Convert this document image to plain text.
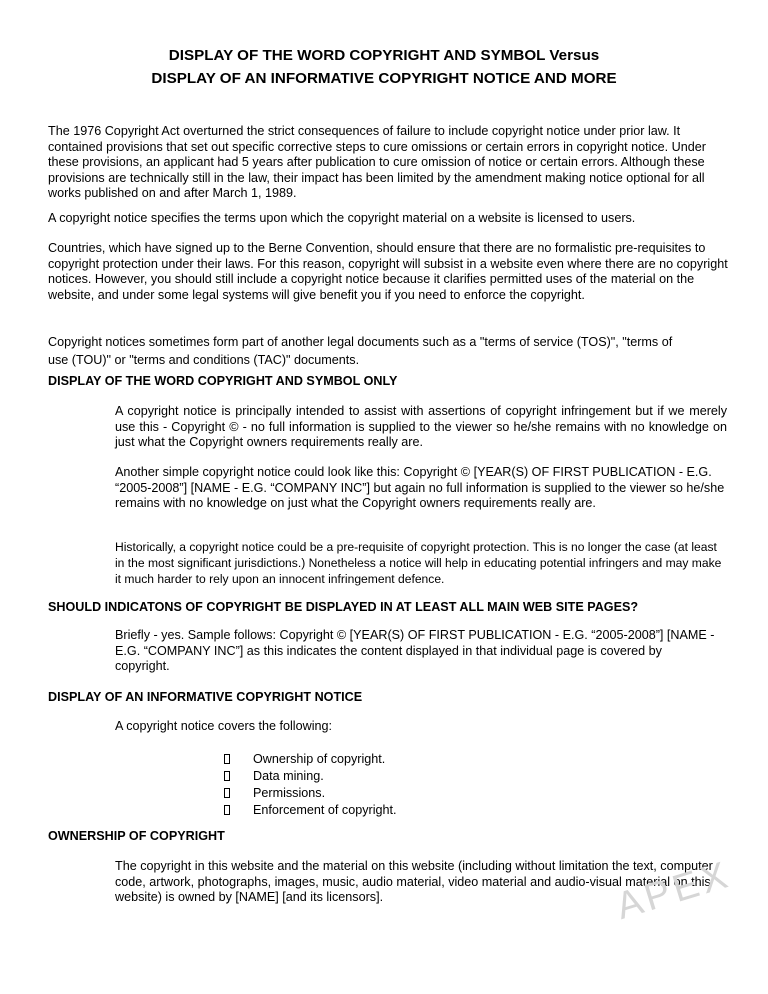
DISPLAY OF THE WORD COPYRIGHT AND SYMBOL Versus
DISPLAY OF AN INFORMATIVE COPYRIGHT NOTICE AND MORE

The 1976 Copyright Act overturned the strict consequences of failure to include copyright notice under prior law. It contained provisions that set out specific corrective steps to cure omissions or certain errors in copyright notice. Under these provisions, an applicant had 5 years after publication to cure omission of notice or certain errors. Although these provisions are technically still in the law, their impact has been limited by the amendment making notice optional for all works published on and after March 1, 1989.

A copyright notice specifies the terms upon which the copyright material on a website is licensed to users.

Countries, which have signed up to the Berne Convention, should ensure that there are no formalistic pre-requisites to copyright protection under their laws. For this reason, copyright will subsist in a website even where there are no copyright notices. However, you should still include a copyright notice because it clarifies permitted uses of the material on the website, and under some legal systems will give benefit you if you need to enforce the copyright.

Copyright notices sometimes form part of another legal documents such as a "terms of service (TOS)", "terms of use (TOU)" or "terms and conditions (TAC)" documents.

DISPLAY OF THE WORD COPYRIGHT AND SYMBOL ONLY

A copyright notice is principally intended to assist with assertions of copyright infringement but if we merely use this - Copyright © - no full information is supplied to the viewer so he/she remains with no knowledge on just what the Copyright owners requirements really are.

Another simple copyright notice could look like this: Copyright © [YEAR(S) OF FIRST PUBLICATION - E.G. “2005-2008”] [NAME - E.G. “COMPANY INC”] but again no full information is supplied to the viewer so he/she remains with no knowledge on just what the Copyright owners requirements really are.

Historically, a copyright notice could be a pre-requisite of copyright protection. This is no longer the case (at least in the most significant jurisdictions.) Nonetheless a notice will help in educating potential infringers and may make it much harder to rely upon an innocent infringement defence.

SHOULD INDICATONS OF COPYRIGHT BE DISPLAYED IN AT LEAST ALL MAIN WEB SITE PAGES?

Briefly - yes. Sample follows: Copyright © [YEAR(S) OF FIRST PUBLICATION - E.G. “2005-2008”] [NAME - E.G. “COMPANY INC”] as this indicates the content displayed in that individual page is covered by copyright.

DISPLAY OF AN INFORMATIVE COPYRIGHT NOTICE

A copyright notice covers the following:

Ownership of copyright.
Data mining.
Permissions.
Enforcement of copyright.
OWNERSHIP OF COPYRIGHT

The copyright in this website and the material on this website (including without limitation the text, computer code, artwork, photographs, images, music, audio material, video material and audio-visual material on this website) is owned by [NAME] [and its licensors].	APEX
